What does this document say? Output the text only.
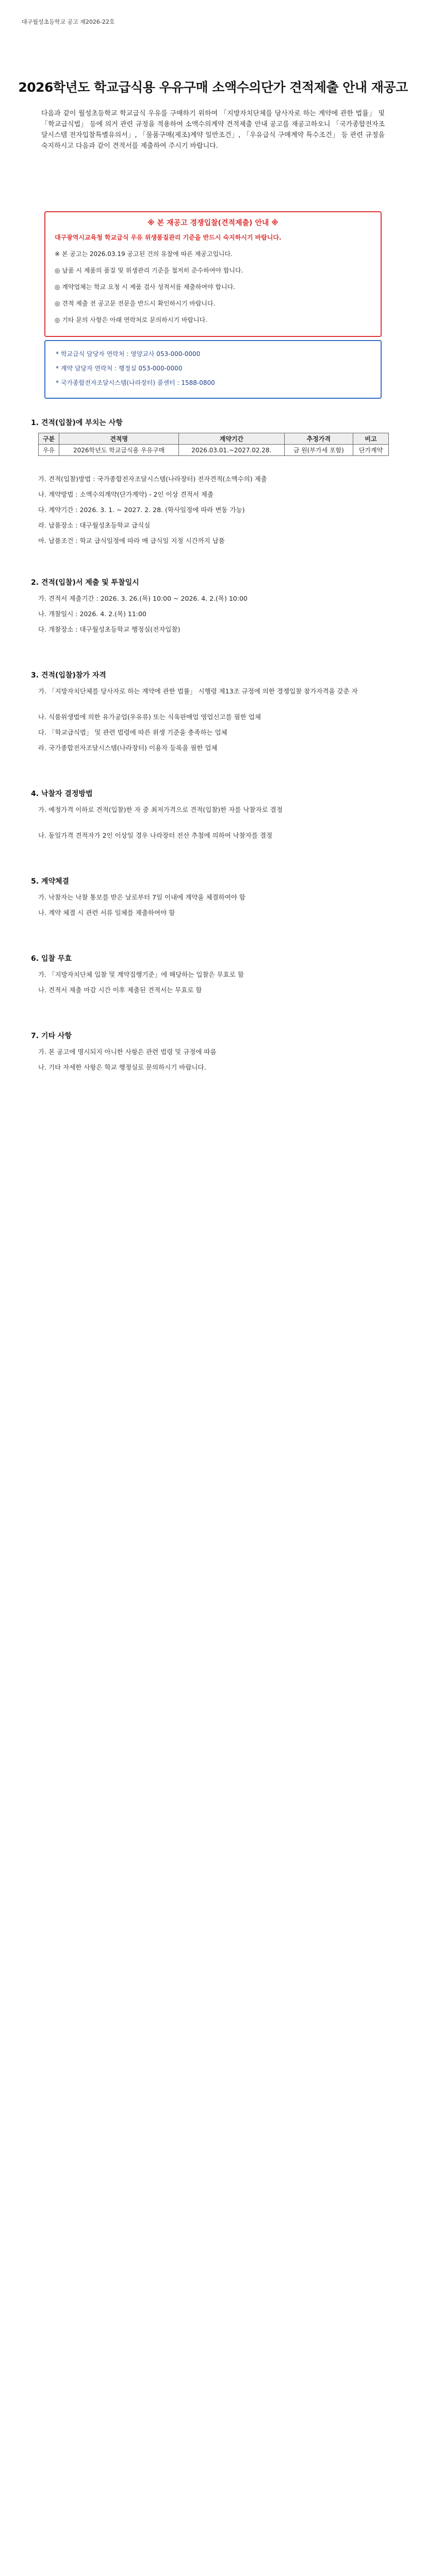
대구월성초등학교 공고 제2026-22호
2026학년도 학교급식용 우유구매 소액수의단가 견적제출 안내 재공고
다음과 같이 월성초등학교 학교급식 우유를 구매하기 위하여 「지방자치단체를 당사자로 하는 계약에 관한 법률」 및 「학교급식법」 등에 의거 관련 규정을 적용하여 소액수의계약 견적제출 안내 공고를 재공고하오니 「국가종합전자조달시스템 전자입찰특별유의서」, 「물품구매(제조)계약 일반조건」, 「우유급식 구매계약 특수조건」 등 관련 규정을 숙지하시고 다음과 같이 견적서를 제출하여 주시기 바랍니다.
※ 본 재공고 경쟁입찰(견적제출) 안내 ※
대구광역시교육청 학교급식 우유 위생품질관리 기준을 반드시 숙지하시기 바랍니다.
※ 본 공고는 2026.03.19 공고된 건의 유찰에 따른 재공고입니다.
◎ 납품 시 제품의 품질 및 위생관리 기준을 철저히 준수하여야 합니다.
◎ 계약업체는 학교 요청 시 제품 검사 성적서를 제출하여야 합니다.
◎ 견적 제출 전 공고문 전문을 반드시 확인하시기 바랍니다.
◎ 기타 문의 사항은 아래 연락처로 문의하시기 바랍니다.
* 학교급식 담당자 연락처 : 영양교사 053-000-0000
* 계약 담당자 연락처 : 행정실 053-000-0000
* 국가종합전자조달시스템(나라장터) 콜센터 : 1588-0800
1. 견적(입찰)에 부치는 사항
구분	견적명	계약기간	추정가격	비고
우유	2026학년도 학교급식용 우유구매	2026.03.01.~2027.02.28.	금 원(부가세 포함)	단가계약
가. 견적(입찰)방법 : 국가종합전자조달시스템(나라장터) 전자견적(소액수의) 제출
나. 계약방법 : 소액수의계약(단가계약) - 2인 이상 견적서 제출
다. 계약기간 : 2026. 3. 1. ~ 2027. 2. 28. (학사일정에 따라 변동 가능)
라. 납품장소 : 대구월성초등학교 급식실
마. 납품조건 : 학교 급식일정에 따라 매 급식일 지정 시간까지 납품
2. 견적(입찰)서 제출 및 투찰일시
가. 견적서 제출기간 : 2026. 3. 26.(목) 10:00 ~ 2026. 4. 2.(목) 10:00
나. 개찰일시 : 2026. 4. 2.(목) 11:00
다. 개찰장소 : 대구월성초등학교 행정실(전자입찰)
3. 견적(입찰)참가 자격
가. 「지방자치단체를 당사자로 하는 계약에 관한 법률」 시행령 제13조 규정에 의한 경쟁입찰 참가자격을 갖춘 자
나. 식품위생법에 의한 유가공업(우유류) 또는 식육판매업 영업신고를 필한 업체
다. 「학교급식법」 및 관련 법령에 따른 위생 기준을 충족하는 업체
라. 국가종합전자조달시스템(나라장터) 이용자 등록을 필한 업체
4. 낙찰자 결정방법
가. 예정가격 이하로 견적(입찰)한 자 중 최저가격으로 견적(입찰)한 자를 낙찰자로 결정
나. 동일가격 견적자가 2인 이상일 경우 나라장터 전산 추첨에 의하여 낙찰자를 결정
5. 계약체결
가. 낙찰자는 낙찰 통보를 받은 날로부터 7일 이내에 계약을 체결하여야 함
나. 계약 체결 시 관련 서류 일체를 제출하여야 함
6. 입찰 무효
가. 「지방자치단체 입찰 및 계약집행기준」에 해당하는 입찰은 무효로 함
나. 견적서 제출 마감 시간 이후 제출된 견적서는 무효로 함
7. 기타 사항
가. 본 공고에 명시되지 아니한 사항은 관련 법령 및 규정에 따름
나. 기타 자세한 사항은 학교 행정실로 문의하시기 바랍니다.
